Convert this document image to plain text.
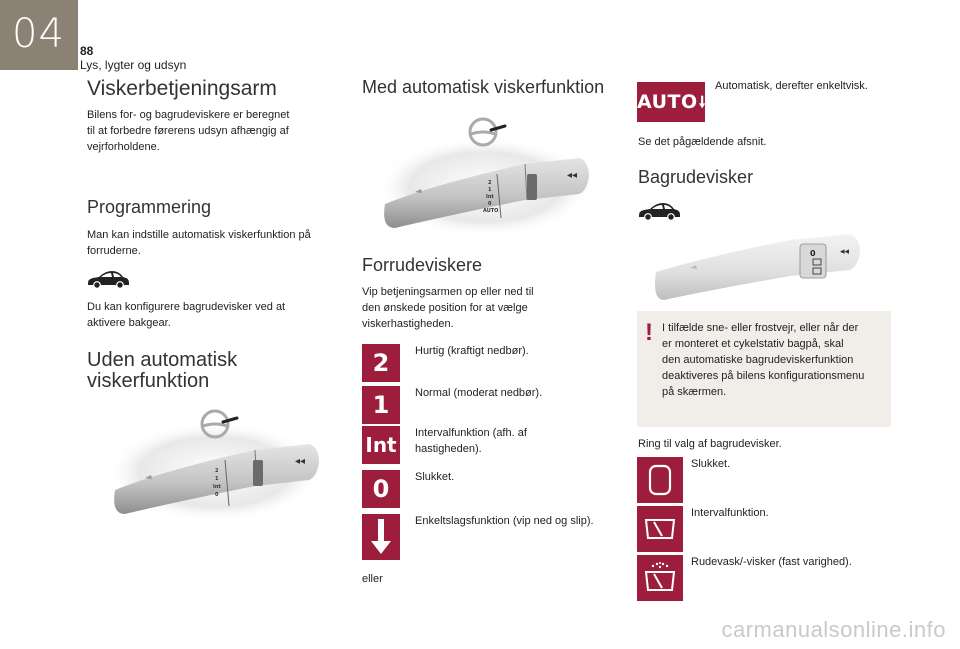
04 88
Lys, lygter og udsyn
Viskerbetjeningsarm
Bilens for- og bagrudeviskere er beregnet
til at forbedre førerens udsyn afhængig af
vejrforholdene.
Programmering
Man kan indstille automatisk viskerfunktion på
forruderne.
Du kan konfigurere bagrudevisker ved at
aktivere bakgear.
Uden automatisk
viskerfunktion
2
1
Int
0
◂◂
Med automatisk viskerfunktion
2
1
Int
0
AUTO
◂◂
Forrudeviskere
Vip betjeningsarmen op eller ned til
den ønskede position for at vælge
viskerhastigheden.
2	Hurtig (kraftigt nedbør).
1	Normal (moderat nedbør).
Int	Intervalfunktion (afh. af
hastigheden).
0	Slukket.
Enkeltslagsfunktion (vip ned og slip).
eller
AUTO
Automatisk, derefter enkeltvisk.
Se det pågældende afsnit.
Bagrudevisker
0	◂◂
! I tilfælde sne- eller frostvejr, eller når der
er monteret et cykelstativ bagpå, skal
den automatiske bagrudeviskerfunktion
deaktiveres på bilens konfigurationsmenu
på skærmen.
Ring til valg af bagrudevisker.
Slukket.
Intervalfunktion.
Rudevask/-visker (fast varighed).
carmanualsonline.info
